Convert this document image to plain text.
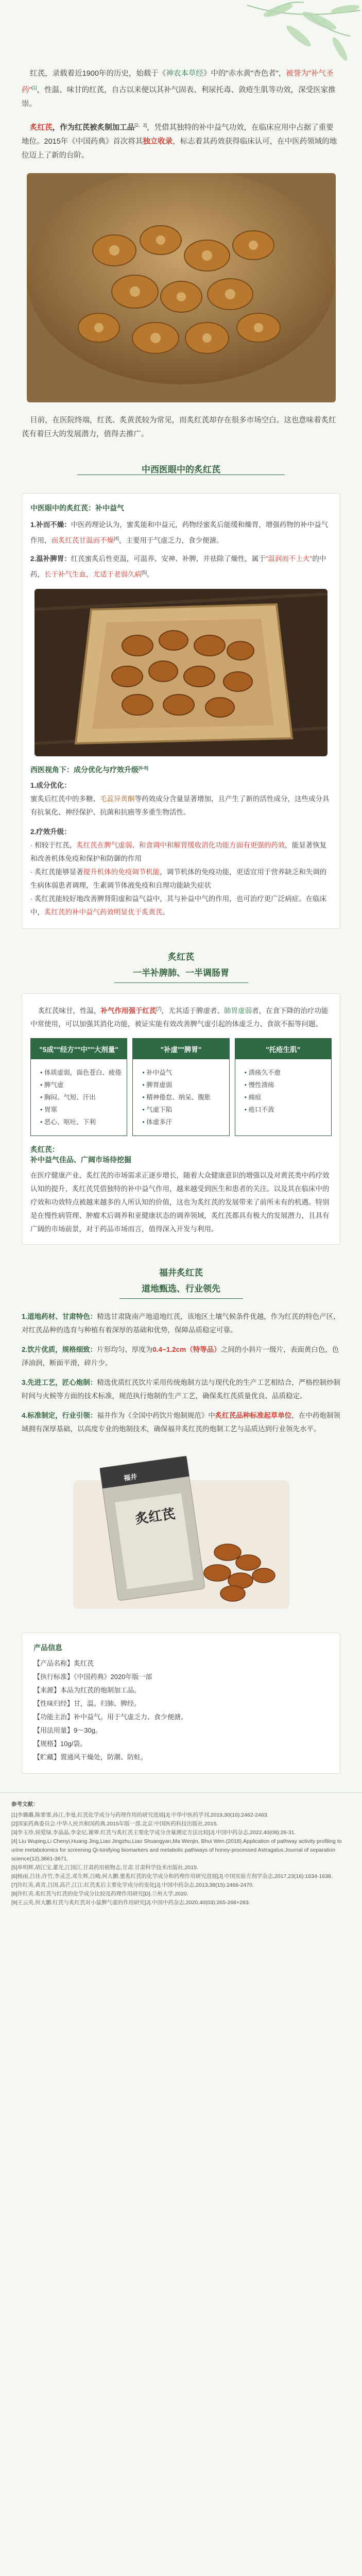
红芪，录载着近1900年的历史，始载于《神农本草经》中的"赤水黄"杏色者"，被誉为"补气圣药"[1]，性温、味甘的红芪，自古以来便以其补气固表、利尿托毒、敛疮生肌等功效，深受医家推崇。

炙红芪，作为红芪被炙制加工品[2、3]，凭借其独特的补中益气功效，在临床应用中占据了重要地位。2015年《中国药典》首次将其独立收录，标志着其药效获得临床认可，在中医药领域的地位迈上了新的台阶。

目前，在医院终端，红芪、炙黄芪较为常见，而炙红芪却存在很多市场空白。这也意味着炙红芪有着巨大的发展潜力，值得去推广。

中西医眼中的炙红芪
中医眼中的炙红芪：补中益气

1.补而不燥：中医药理论认为，蜜炙能和中益元，药物经蜜炙后能缓和燥胃，增强药物的补中益气作用，而炙红芪甘温而不燥[4]，主要用于气虚乏力，食少便溏。

2.温补脾胃：红芪蜜炙后性更温，可温养、安神、补脾，并祛除了燥性，属于"温润而不上火"的中药，长于补气生血，尤适于老弱久病[5]。

西医视角下：成分优化与疗效升级[6-8]

1.成分优化：

蜜炙后红芪中的多糖、毛蕊异黄酮等药效成分含量显著增加，且产生了新的活性成分，这些成分具有抗氧化、神经保护、抗菌和抗癌等多重生物活性。

2.疗效升级：

· 相较于红芪，炙红芪在脾气虚弱、和食调中和解胃缓收消化功能方面有更强的药效，能显著恢复和改善机体免疫和保护和防御的作用

· 炙红芪能够显著提升机体的免疫调节机能，调节机体的免疫功能，更适宜用于营养缺乏和失调的生病体弱患者调理，生素调节体液免疫和自理功能缺失症状

· 炙红芪能较好地改善脾肾阳虚和益气益中，其与补益中气的作用，也可治疗更广泛病症。在临床中，炙红芪的补中益气药效明显优于炙黄芪。

炙红芪
一半补脾肺、一半调肠胃

炙红芪味甘，性温，补气作用强于红芪[7]，尤其适于脾虚者、肺胃虚弱者，在食下降的治疗功能中常使用，可以加强其消化功能，被证实能有效改善脾气虚引起的体虚乏力、食欲不振等问题。

"5成""经方""中""大剂量"
• 体质虚弱，面色苍白、疲倦
• 脾气虚
• 胸闷、气短、汗出
• 胃寒
• 恶心、呕吐、下利
"补虚""脾胃"
• 补中益气
• 脾胃虚弱
• 精神倦怠、纳呆、腹胀
• 气虚下陷
• 体虚多汗
"托疮生肌"
• 溃疡久不愈
• 慢性溃疡
• 痈疽
• 疮口不敛
炙红芪：
补中益气佳品、广阔市场待挖掘

在医疗健康产业、炙红芪的市场需求正逐步增长，随着大众健康意识的增强以及对黄芪类中药疗效认知的提升，炙红芪凭借独特的补中益气作用，越来越受到医生和患者的关注。以及其在临床中的疗效和功效特点被越来越多的人所认知的价值，这也为炙红芪的发展带来了前所未有的机遇。特别是在慢性病管理、肿瘤术后调养和亚健康状态的调养领域，炙红芪都具有极大的发展潜力，且具有广阔的市场前景，对于药品市场而言，值得深入开发与利用。

福井炙红芪
道地甄选、行业领先

1.道地药材、甘肃特色：精选甘肃陇南产地道地红芪，该地区土壤气候条件优越，作为红芪的特色产区，对红芪品种的选育与种植有着深厚的基础和优势，保障品质稳定可靠。

2.饮片优质，规格细致：片形均匀、厚度为0.4~1.2cm（特等品）之间的小斜片一级片，表面黄白色，色泽油润，断面平滑，碎片少。

3.先进工艺，匠心炮制：精选优质红芪饮片采用传统炮制方法与现代化的生产工艺相结合，严格控制炒制时间与火候等方面的技术标准，规范执行炮制的生产工艺，确保炙红芪质量优良、品质稳定。

4.标准制定，行业引领：福井作为《全国中药饮片炮制规范》中炙红芪品种标准起草单位，在中药炮制领域拥有深厚基础，以高度专业的炮制技术，确保福井炙红芪的炮制工艺与品质达到行业领先水平。

福井
炙红芪
产品信息
【产品名称】炙红芪
【执行标准】《中国药典》2020年版一部
【来源】本品为红芪的炮制加工品。
【性味归经】甘，温。归肺、脾经。
【功能主治】补中益气。用于气虚乏力、食少便溏。
【用法用量】9～30g。
【规格】10g/袋。
【贮藏】置通风干燥处，防潮、防蛀。
参考文献：
[1]李璐璐,陈霏霏,孙江,李曼,红芪化学成分与药理作用的研究进展[J].中华中医药学刊,2019,30(10):2462-2463.
[2]国家药典委员会.中华人民共和国药典.2015年版一部.北京:中国医药科技出版社,2015.
[3]李玉珍,侯爱绿,李晶晶,李金尼,谢翠.红芪与炙红芪主要化学成分含量测定方法比较[J].中国中药杂志,2022,40(08):26-31.
[4] Liu Wuping,Li Chenyi,Huang Jing,Liao Jingzhu,Liao Shuangyan,Ma Wenjin, Bhui Wen.(2018).Application of pathway activity profiling to urine metabolomics for screening Qi-tonifying biomarkers and metabolic pathways of honey-processed Astragalus.Journal of separation science(12),3661-3671.
[5]单明辉,胡江宝,董光,江国江,甘肃药用植物志,甘肃.甘肃科学技术出版社,2015.
[6]杨雨,吕佳,许竹,李灵芝,邓生辉,吕峻,何大鹏.蜜炙红芪的化学成分和药理作用研究进展[J].中国实验方剂学杂志,2017,23(16):1634-1638.
[7]许红英,黄青,吕国,高芒,江江.红芪炙后主要化学成分的变化[J].中国中药杂志,2013,38(15):2466-2470.
[8]许红英.炙红芪与红芪的化学成分比较及药理作用研究[D].兰州大学,2020.
[9]王云英,何大鹏.红芪与炙红芪对小鼠脾气虚的作用研究[J].中国中药杂志,2020,40(03):265-268+283.
